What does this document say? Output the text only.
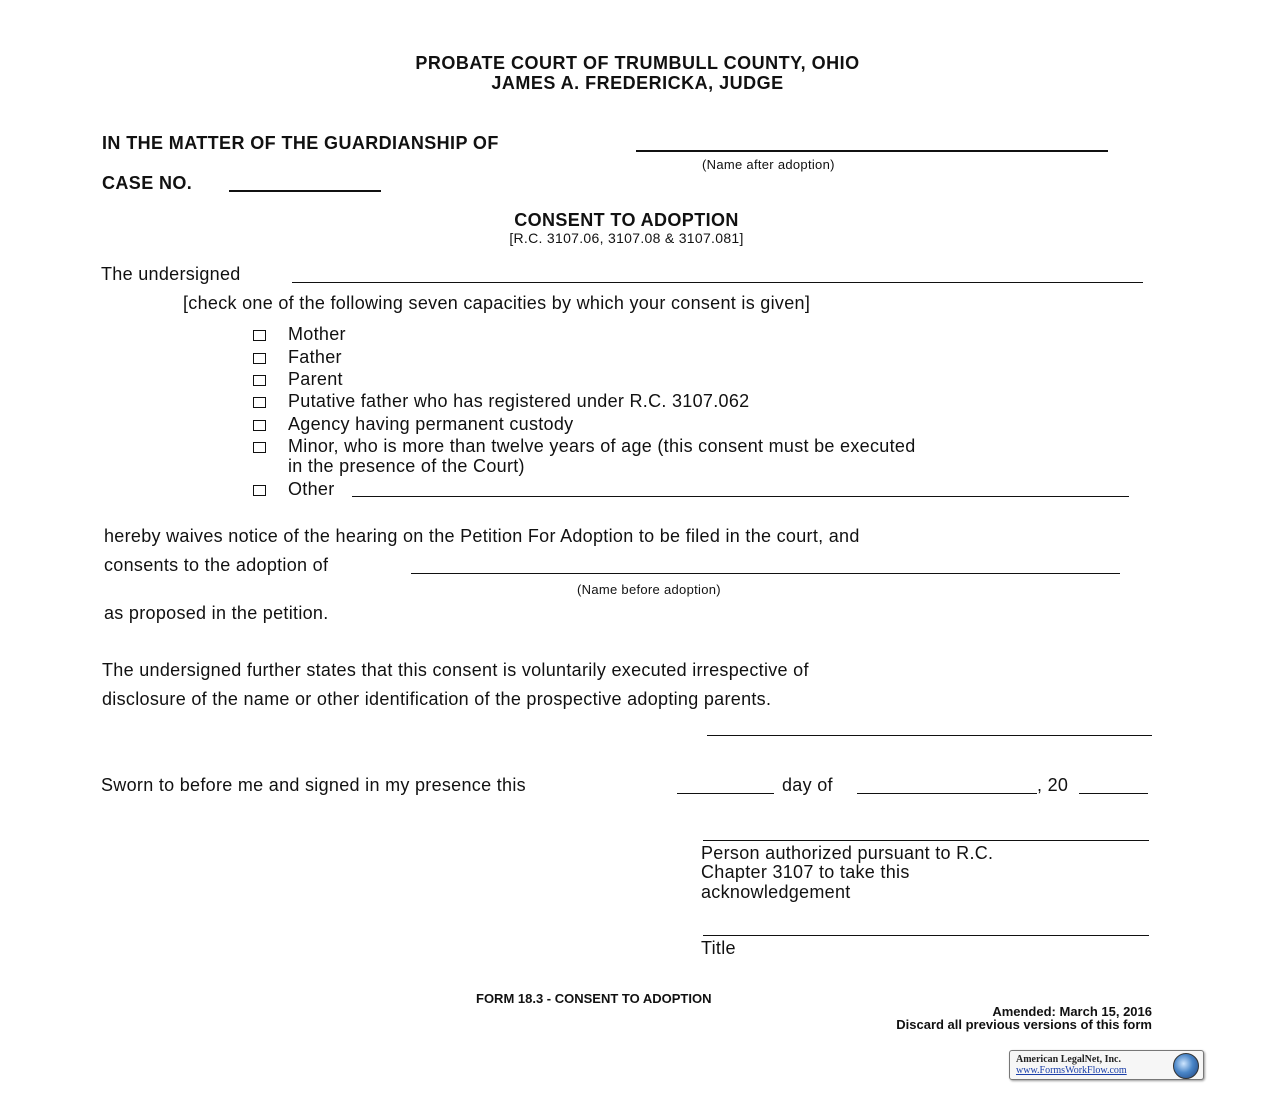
PROBATE COURT OF TRUMBULL COUNTY, OHIO
JAMES A. FREDERICKA, JUDGE
IN THE MATTER OF THE GUARDIANSHIP OF
(Name after adoption)
CASE NO.
CONSENT TO ADOPTION
[R.C. 3107.06, 3107.08 & 3107.081]
The undersigned
[check one of the following seven capacities by which your consent is given]
Mother
Father
Parent
Putative father who has registered under R.C. 3107.062
Agency having permanent custody
Minor, who is more than twelve years of age (this consent must be executed
in the presence of the Court)
Other
hereby waives notice of the hearing on the Petition For Adoption to be filed in the court, and
consents to the adoption of
(Name before adoption)
as proposed in the petition.
The undersigned further states that this consent is voluntarily executed irrespective of
disclosure of the name or other identification of the prospective adopting parents.
Sworn to before me and signed in my presence this	day of	, 20
Person authorized pursuant to R.C.
Chapter 3107 to take this
acknowledgement
Title
FORM 18.3 - CONSENT TO ADOPTION
Amended: March 15, 2016
Discard all previous versions of this form
American LegalNet, Inc.
www.FormsWorkFlow.com
